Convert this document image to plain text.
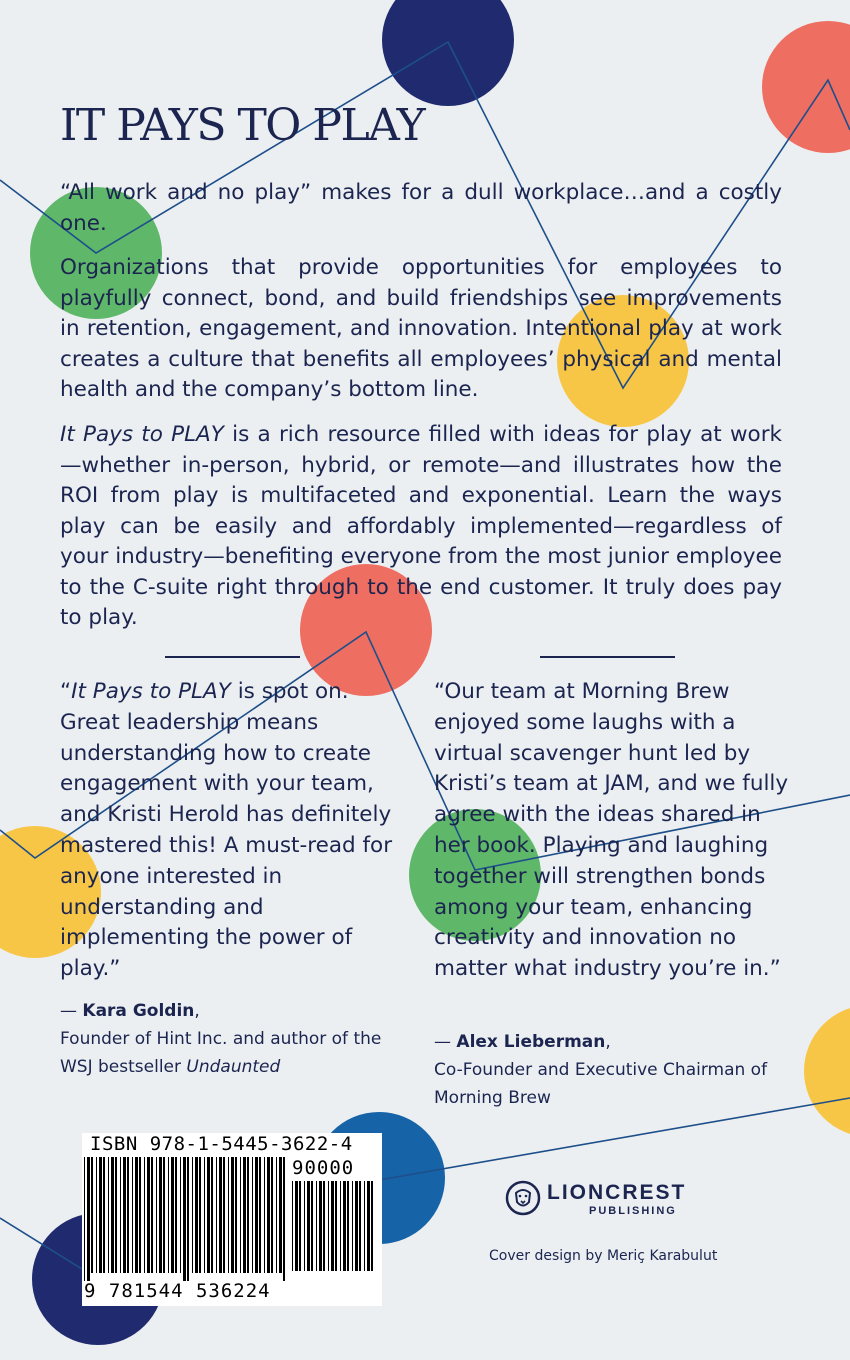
IT PAYS TO PLAY

“All work and no play” makes for a dull workplace…and a costly one.

Organizations that provide opportunities for employees to playfully connect, bond, and build friendships see improvements in retention, engagement, and innovation. Intentional play at work creates a culture that benefits all employees’ physical and mental health and the company’s bottom line.

It Pays to PLAY is a rich resource filled with ideas for play at work—whether in-person, hybrid, or remote—and illustrates how the ROI from play is multifaceted and exponential. Learn the ways play can be easily and affordably implemented—regardless of your industry—benefiting everyone from the most junior employee to the C-suite right through to the end customer. It truly does pay to play.

“It Pays to PLAY is spot on. Great leadership means understanding how to create engagement with your team, and Kristi Herold has definitely mastered this! A must-read for anyone interested in understanding and implementing the power of play.”

— Kara Goldin,
Founder of Hint Inc. and author of the WSJ bestseller Undaunted

“Our team at Morning Brew enjoyed some laughs with a virtual scavenger hunt led by Kristi’s team at JAM, and we fully agree with the ideas shared in her book. Playing and laughing together will strengthen bonds among your team, enhancing creativity and innovation no matter what industry you’re in.”

— Alex Lieberman,
Co-Founder and Executive Chairman of Morning Brew
ISBN 978-1-5445-3622-4
90000
9 781544 536224
LIONCREST
PUBLISHING
Cover design by Meriç Karabulut
